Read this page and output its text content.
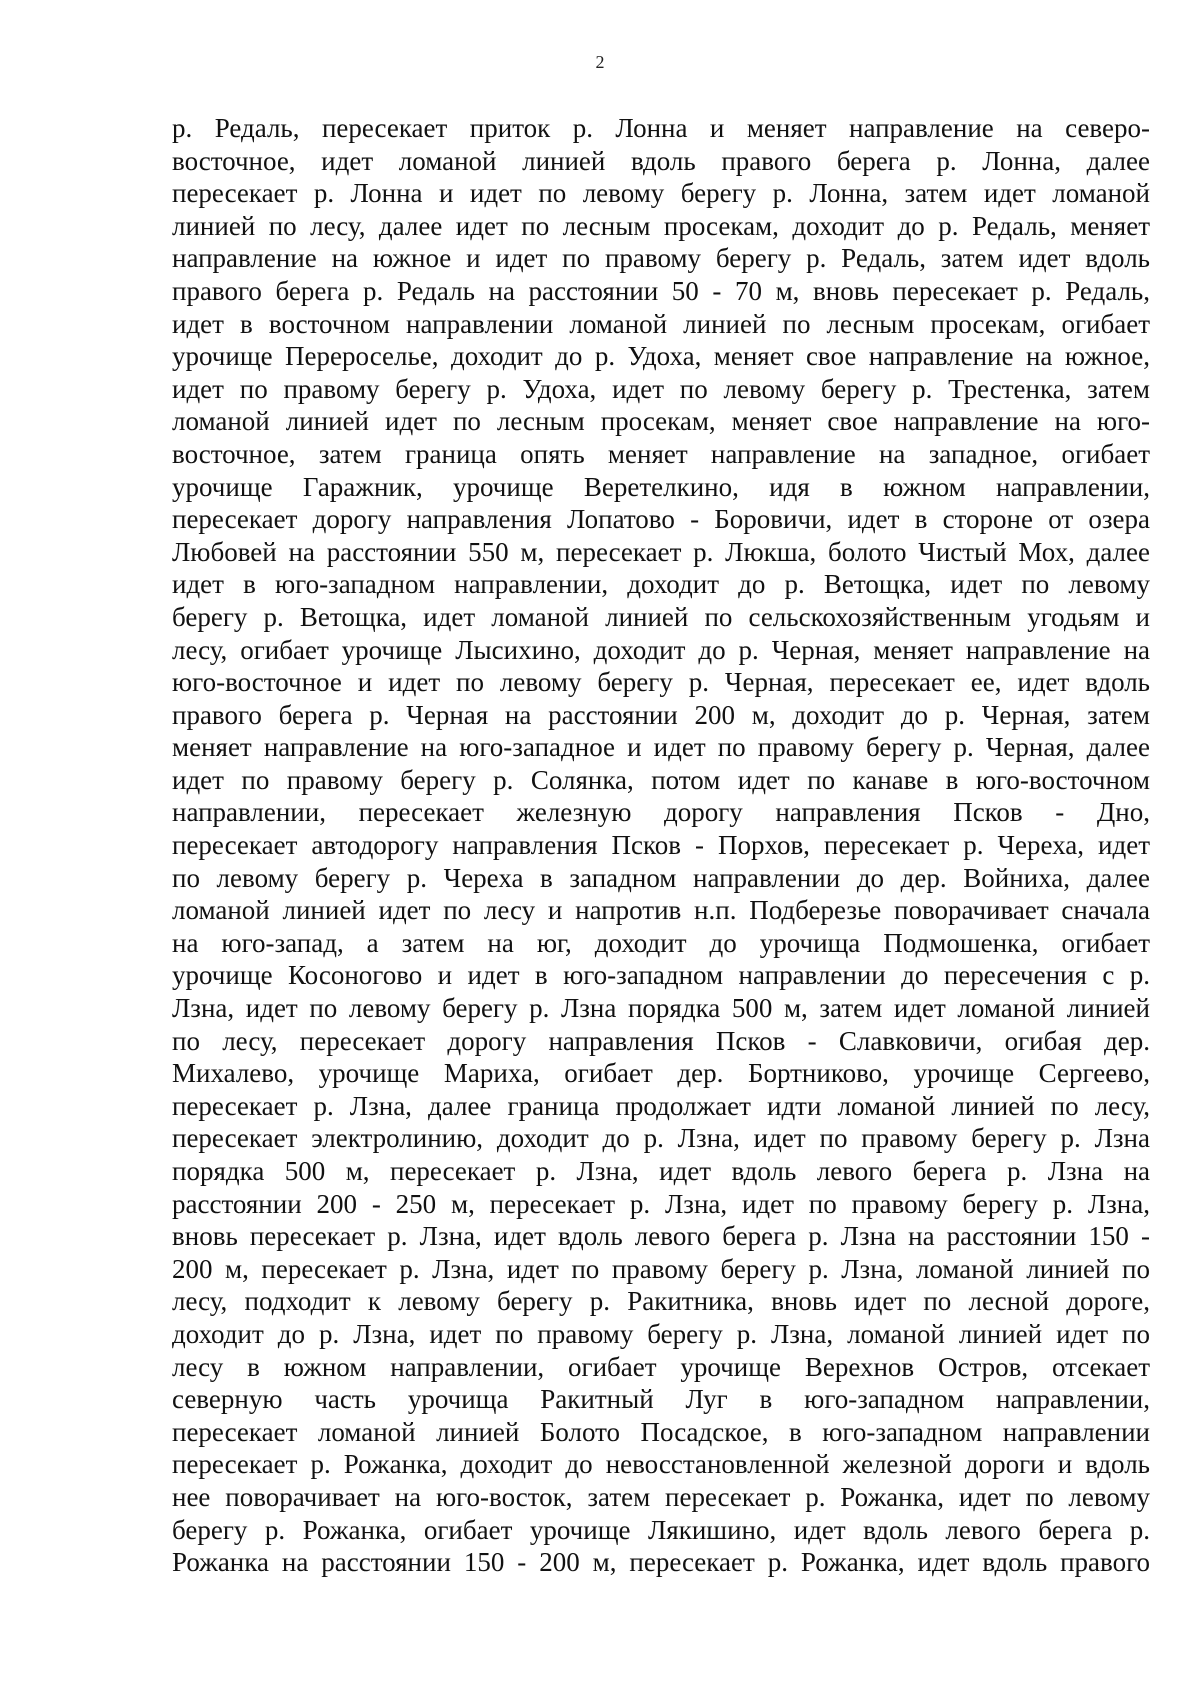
2
р. Редаль, пересекает приток р. Лонна и меняет направление на северо-
восточное, идет ломаной линией вдоль правого берега р. Лонна, далее
пересекает р. Лонна и идет по левому берегу р. Лонна, затем идет ломаной
линией по лесу, далее идет по лесным просекам, доходит до р. Редаль, меняет
направление на южное и идет по правому берегу р. Редаль, затем идет вдоль
правого берега р. Редаль на расстоянии 50 - 70 м, вновь пересекает р. Редаль,
идет в восточном направлении ломаной линией по лесным просекам, огибает
урочище Перероселье, доходит до р. Удоха, меняет свое направление на южное,
идет по правому берегу р. Удоха, идет по левому берегу р. Трестенка, затем
ломаной линией идет по лесным просекам, меняет свое направление на юго-
восточное, затем граница опять меняет направление на западное, огибает
урочище Гаражник, урочище Веретелкино, идя в южном направлении,
пересекает дорогу направления Лопатово - Боровичи, идет в стороне от озера
Любовей на расстоянии 550 м, пересекает р. Люкша, болото Чистый Мох, далее
идет в юго-западном направлении, доходит до р. Ветощка, идет по левому
берегу р. Ветощка, идет ломаной линией по сельскохозяйственным угодьям и
лесу, огибает урочище Лысихино, доходит до р. Черная, меняет направление на
юго-восточное и идет по левому берегу р. Черная, пересекает ее, идет вдоль
правого берега р. Черная на расстоянии 200 м, доходит до р. Черная, затем
меняет направление на юго-западное и идет по правому берегу р. Черная, далее
идет по правому берегу р. Солянка, потом идет по канаве в юго-восточном
направлении, пересекает железную дорогу направления Псков - Дно,
пересекает автодорогу направления Псков - Порхов, пересекает р. Череха, идет
по левому берегу р. Череха в западном направлении до дер. Войниха, далее
ломаной линией идет по лесу и напротив н.п. Подберезье поворачивает сначала
на юго-запад, а затем на юг, доходит до урочища Подмошенка, огибает
урочище Косоногово и идет в юго-западном направлении до пересечения с р.
Лзна, идет по левому берегу р. Лзна порядка 500 м, затем идет ломаной линией
по лесу, пересекает дорогу направления Псков - Славковичи, огибая дер.
Михалево, урочище Мариха, огибает дер. Бортниково, урочище Сергеево,
пересекает р. Лзна, далее граница продолжает идти ломаной линией по лесу,
пересекает электролинию, доходит до р. Лзна, идет по правому берегу р. Лзна
порядка 500 м, пересекает р. Лзна, идет вдоль левого берега р. Лзна на
расстоянии 200 - 250 м, пересекает р. Лзна, идет по правому берегу р. Лзна,
вновь пересекает р. Лзна, идет вдоль левого берега р. Лзна на расстоянии 150 -
200 м, пересекает р. Лзна, идет по правому берегу р. Лзна, ломаной линией по
лесу, подходит к левому берегу р. Ракитника, вновь идет по лесной дороге,
доходит до р. Лзна, идет по правому берегу р. Лзна, ломаной линией идет по
лесу в южном направлении, огибает урочище Верехнов Остров, отсекает
северную часть урочища Ракитный Луг в юго-западном направлении,
пересекает ломаной линией Болото Посадское, в юго-западном направлении
пересекает р. Рожанка, доходит до невосстановленной железной дороги и вдоль
нее поворачивает на юго-восток, затем пересекает р. Рожанка, идет по левому
берегу р. Рожанка, огибает урочище Лякишино, идет вдоль левого берега р.
Рожанка на расстоянии 150 - 200 м, пересекает р. Рожанка, идет вдоль правого
